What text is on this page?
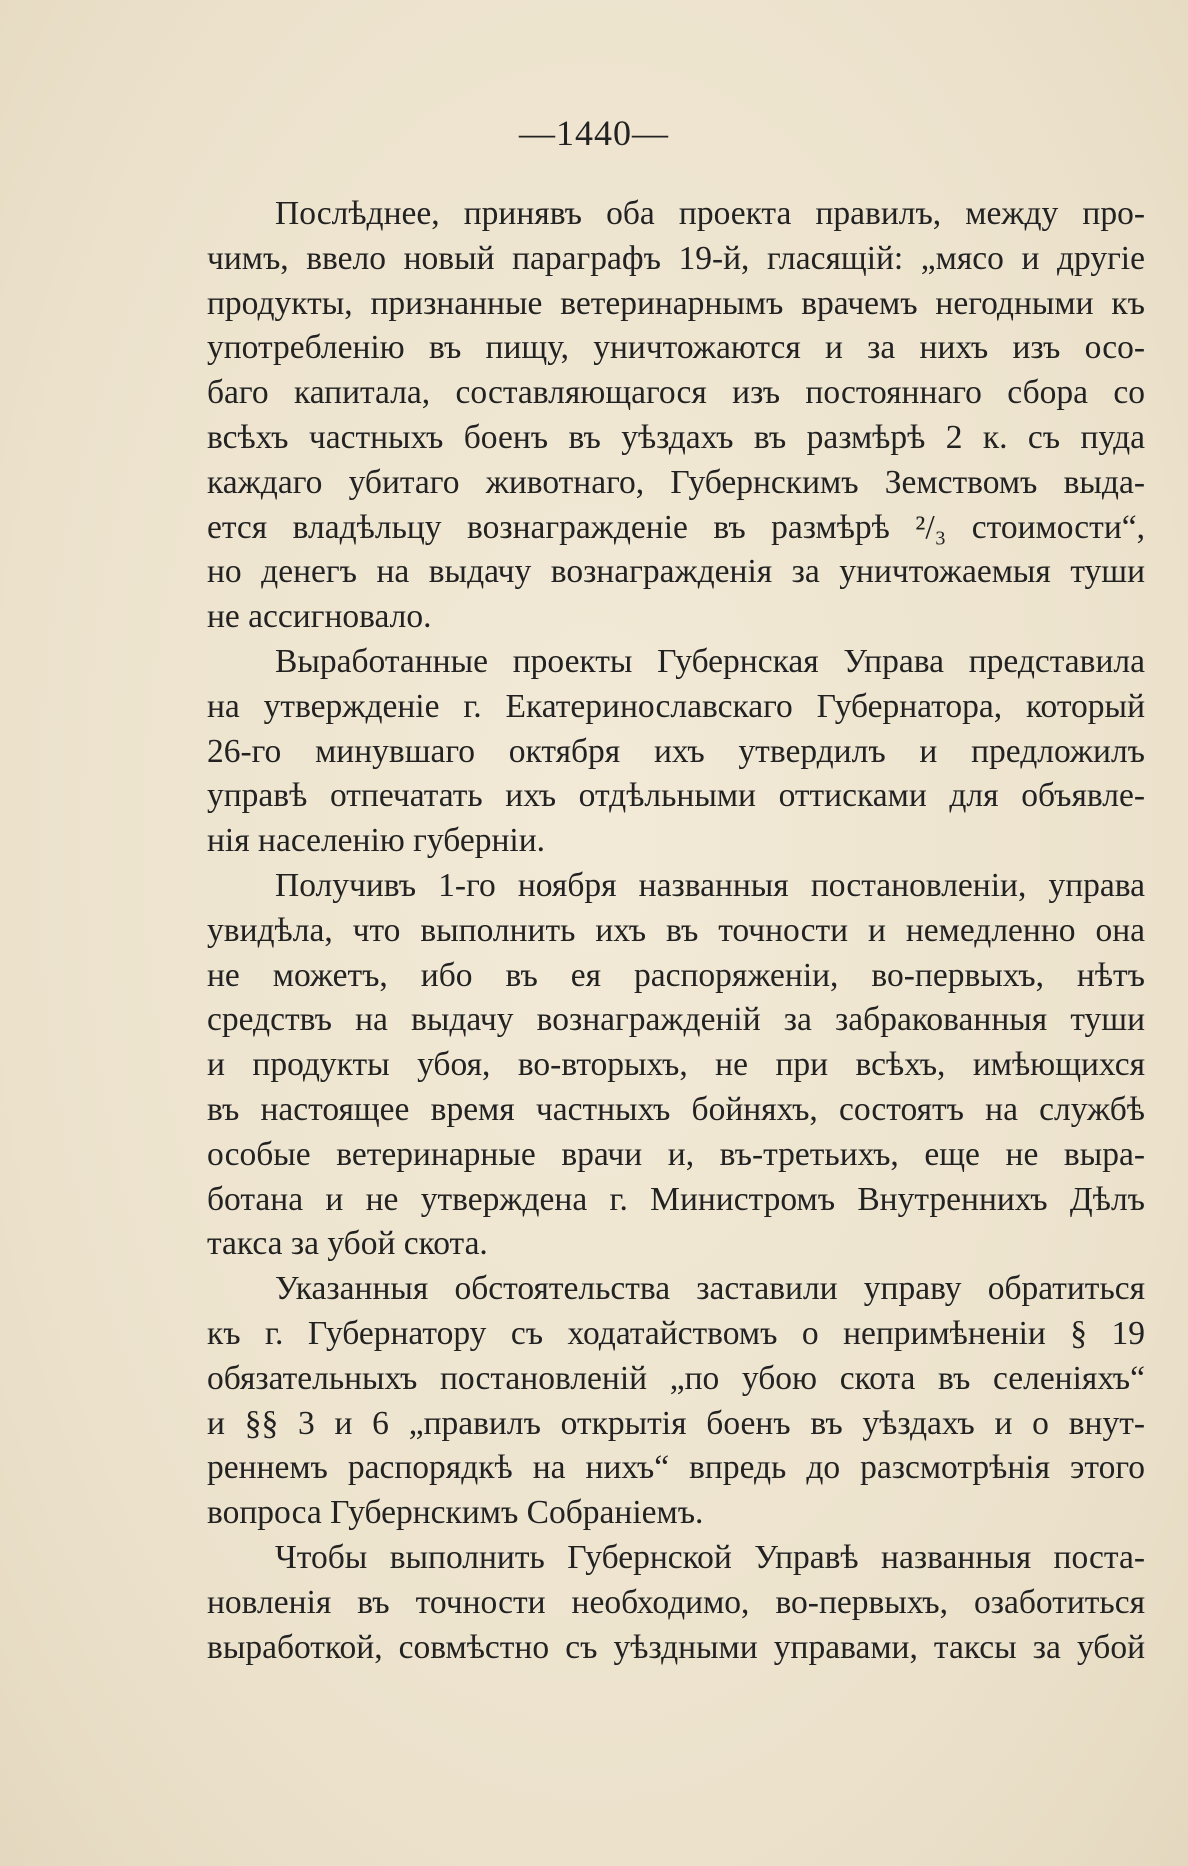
—1440—
Послѣднее, принявъ оба проекта правилъ, между про-
чимъ, ввело новый параграфъ 19-й, гласящій: „мясо и другіе
продукты, признанные ветеринарнымъ врачемъ негодными къ
употребленію въ пищу, уничтожаются и за нихъ изъ осо-
баго капитала, составляющагося изъ постояннаго сбора со
всѣхъ частныхъ боенъ въ уѣздахъ въ размѣрѣ 2 к. съ пуда
каждаго убитаго животнаго, Губернскимъ Земствомъ выда-
ется владѣльцу вознагражденіе въ размѣрѣ ²/₃ стоимости“,
но денегъ на выдачу вознагражденія за уничтожаемыя туши
не ассигновало.
Выработанные проекты Губернская Управа представила
на утвержденіе г. Екатеринославскаго Губернатора, который
26-го минувшаго октября ихъ утвердилъ и предложилъ
управѣ отпечатать ихъ отдѣльными оттисками для объявле-
нія населенію губерніи.
Получивъ 1-го ноября названныя постановленіи, управа
увидѣла, что выполнить ихъ въ точности и немедленно она
не можетъ, ибо въ ея распоряженіи, во-первыхъ, нѣтъ
средствъ на выдачу вознагражденій за забракованныя туши
и продукты убоя, во-вторыхъ, не при всѣхъ, имѣющихся
въ настоящее время частныхъ бойняхъ, состоятъ на службѣ
особые ветеринарные врачи и, въ-третьихъ, еще не выра-
ботана и не утверждена г. Министромъ Внутреннихъ Дѣлъ
такса за убой скота.
Указанныя обстоятельства заставили управу обратиться
къ г. Губернатору съ ходатайствомъ о непримѣненіи § 19
обязательныхъ постановленій „по убою скота въ селеніяхъ“
и §§ 3 и 6 „правилъ открытія боенъ въ уѣздахъ и о внут-
реннемъ распорядкѣ на нихъ“ впредь до разсмотрѣнія этого
вопроса Губернскимъ Собраніемъ.
Чтобы выполнить Губернской Управѣ названныя поста-
новленія въ точности необходимо, во-первыхъ, озаботиться
выработкой, совмѣстно съ уѣздными управами, таксы за убой
